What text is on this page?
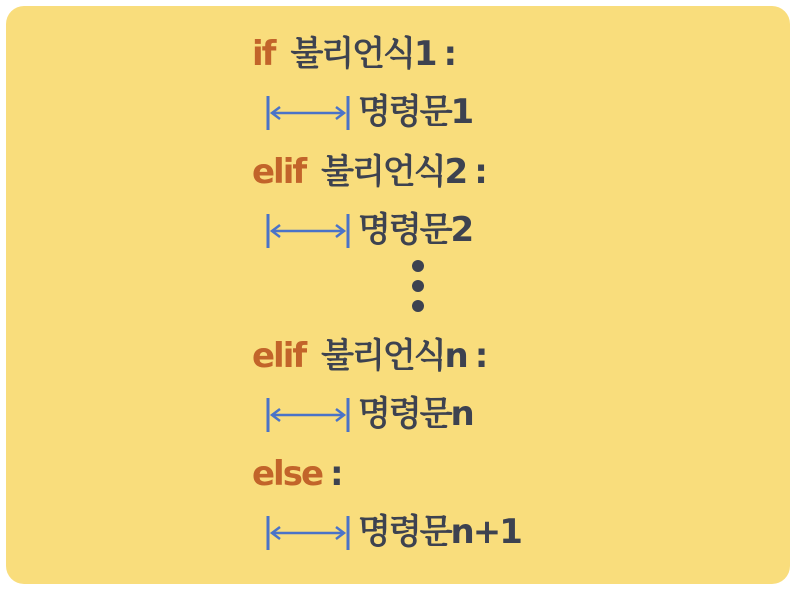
if 불리언식1 :
명령문1
elif 불리언식2 :
명령문2
elif 불리언식n :
명령문n
else :
명령문n+1
